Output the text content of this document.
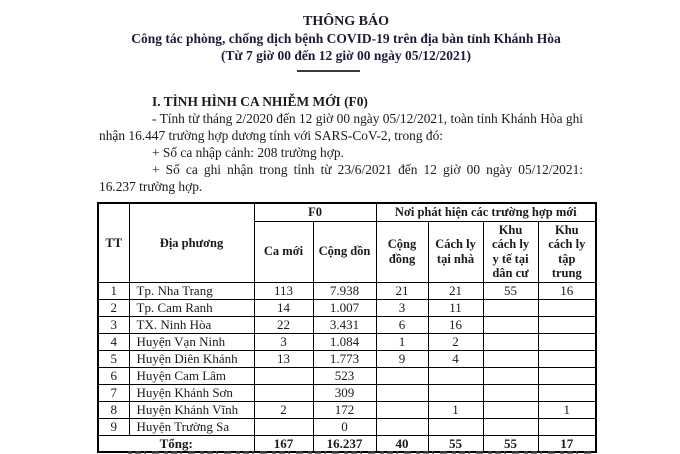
THÔNG BÁO
Công tác phòng, chống dịch bệnh COVID-19 trên địa bàn tỉnh Khánh Hòa
(Từ 7 giờ 00 đến 12 giờ 00 ngày 05/12/2021)
I. TÌNH HÌNH CA NHIỄM MỚI (F0)

- Tính từ tháng 2/2020 đến 12 giờ 00 ngày 05/12/2021, toàn tỉnh Khánh Hòa ghi nhận 16.447 trường hợp dương tính với SARS-CoV-2, trong đó:

+ Số ca nhập cảnh: 208 trường hợp.

+ Số ca ghi nhận trong tỉnh từ 23/6/2021 đến 12 giờ 00 ngày 05/12/2021: 16.237 trường hợp.

TT	Địa phương	F0		Nơi phát hiện các trường hợp mới			
		Ca mới	Cộng dồn	Cộng đồng	Cách ly tại nhà	Khu cách ly y tế tại dân cư	Khu cách ly tập trung
1	Tp. Nha Trang	113	7.938	21	21	55	16
2	Tp. Cam Ranh	14	1.007	3	11		
3	TX. Ninh Hòa	22	3.431	6	16		
4	Huyện Vạn Ninh	3	1.084	1	2		
5	Huyện Diên Khánh	13	1.773	9	4		
6	Huyện Cam Lâm		523				
7	Huyện Khánh Sơn		309				
8	Huyện Khánh Vĩnh	2	172		1		1
9	Huyện Trường Sa		0				
Tổng:		167	16.237	40	55	55	17
